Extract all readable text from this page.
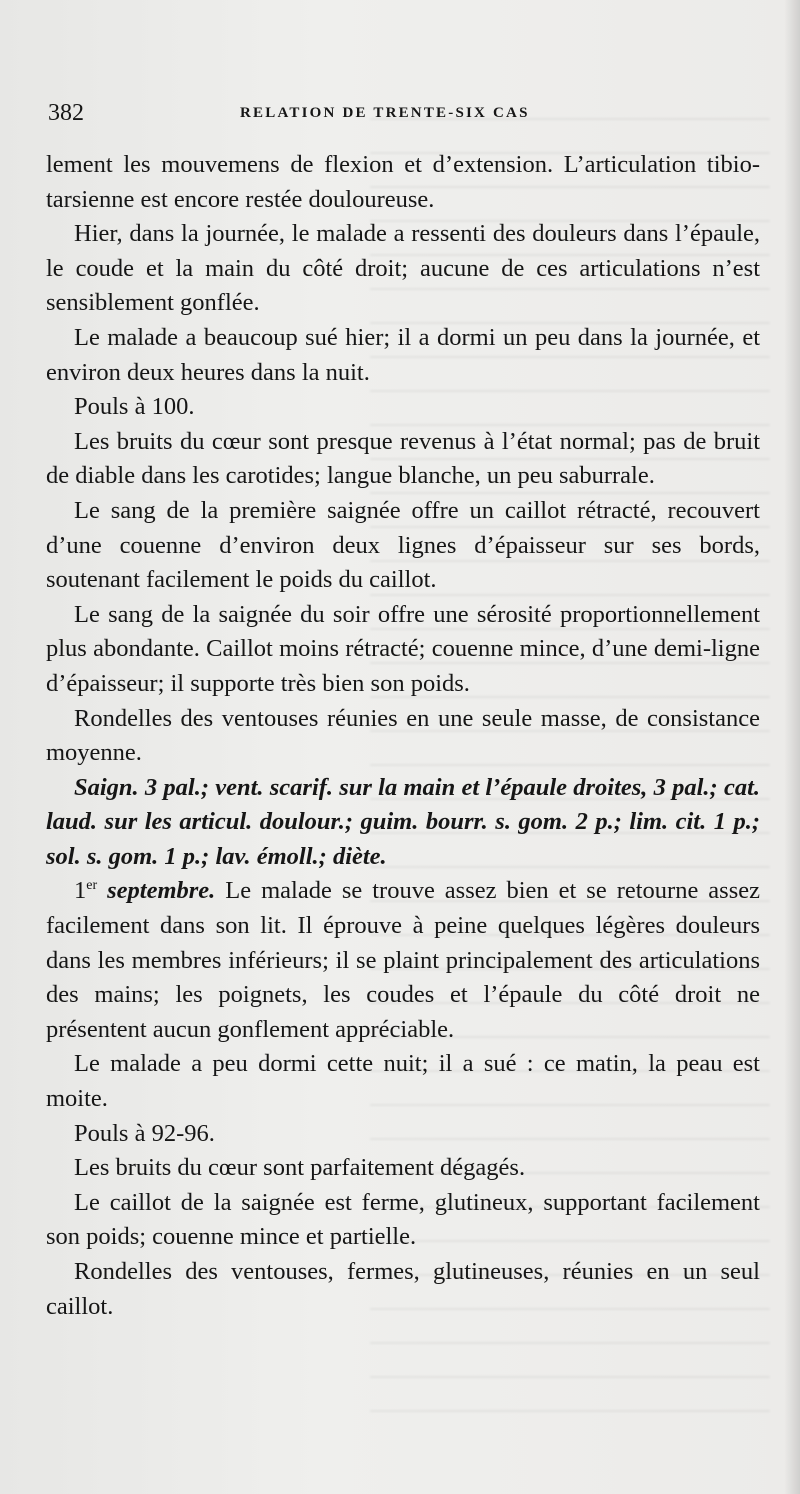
382	RELATION DE TRENTE-SIX CAS

lement les mouvemens de flexion et d’extension. L’articulation tibio-tarsienne est encore restée douloureuse.

Hier, dans la journée, le malade a ressenti des douleurs dans l’épaule, le coude et la main du côté droit; aucune de ces articulations n’est sensiblement gonflée.

Le malade a beaucoup sué hier; il a dormi un peu dans la journée, et environ deux heures dans la nuit.

Pouls à 100.

Les bruits du cœur sont presque revenus à l’état normal; pas de bruit de diable dans les carotides; langue blanche, un peu saburrale.

Le sang de la première saignée offre un caillot rétracté, recouvert d’une couenne d’environ deux lignes d’épaisseur sur ses bords, soutenant facilement le poids du caillot.

Le sang de la saignée du soir offre une sérosité proportionnellement plus abondante. Caillot moins rétracté; couenne mince, d’une demi-ligne d’épaisseur; il supporte très bien son poids.

Rondelles des ventouses réunies en une seule masse, de consistance moyenne.

Saign. 3 pal.; vent. scarif. sur la main et l’épaule droites, 3 pal.; cat. laud. sur les articul. doulour.; guim. bourr. s. gom. 2 p.; lim. cit. 1 p.; sol. s. gom. 1 p.; lav. émoll.; diète.

1er septembre. Le malade se trouve assez bien et se retourne assez facilement dans son lit. Il éprouve à peine quelques légères douleurs dans les membres inférieurs; il se plaint principalement des articulations des mains; les poignets, les coudes et l’épaule du côté droit ne présentent aucun gonflement appréciable.

Le malade a peu dormi cette nuit; il a sué : ce matin, la peau est moite.

Pouls à 92-96.

Les bruits du cœur sont parfaitement dégagés.

Le caillot de la saignée est ferme, glutineux, supportant facilement son poids; couenne mince et partielle.

Rondelles des ventouses, fermes, glutineuses, réunies en un seul caillot.
